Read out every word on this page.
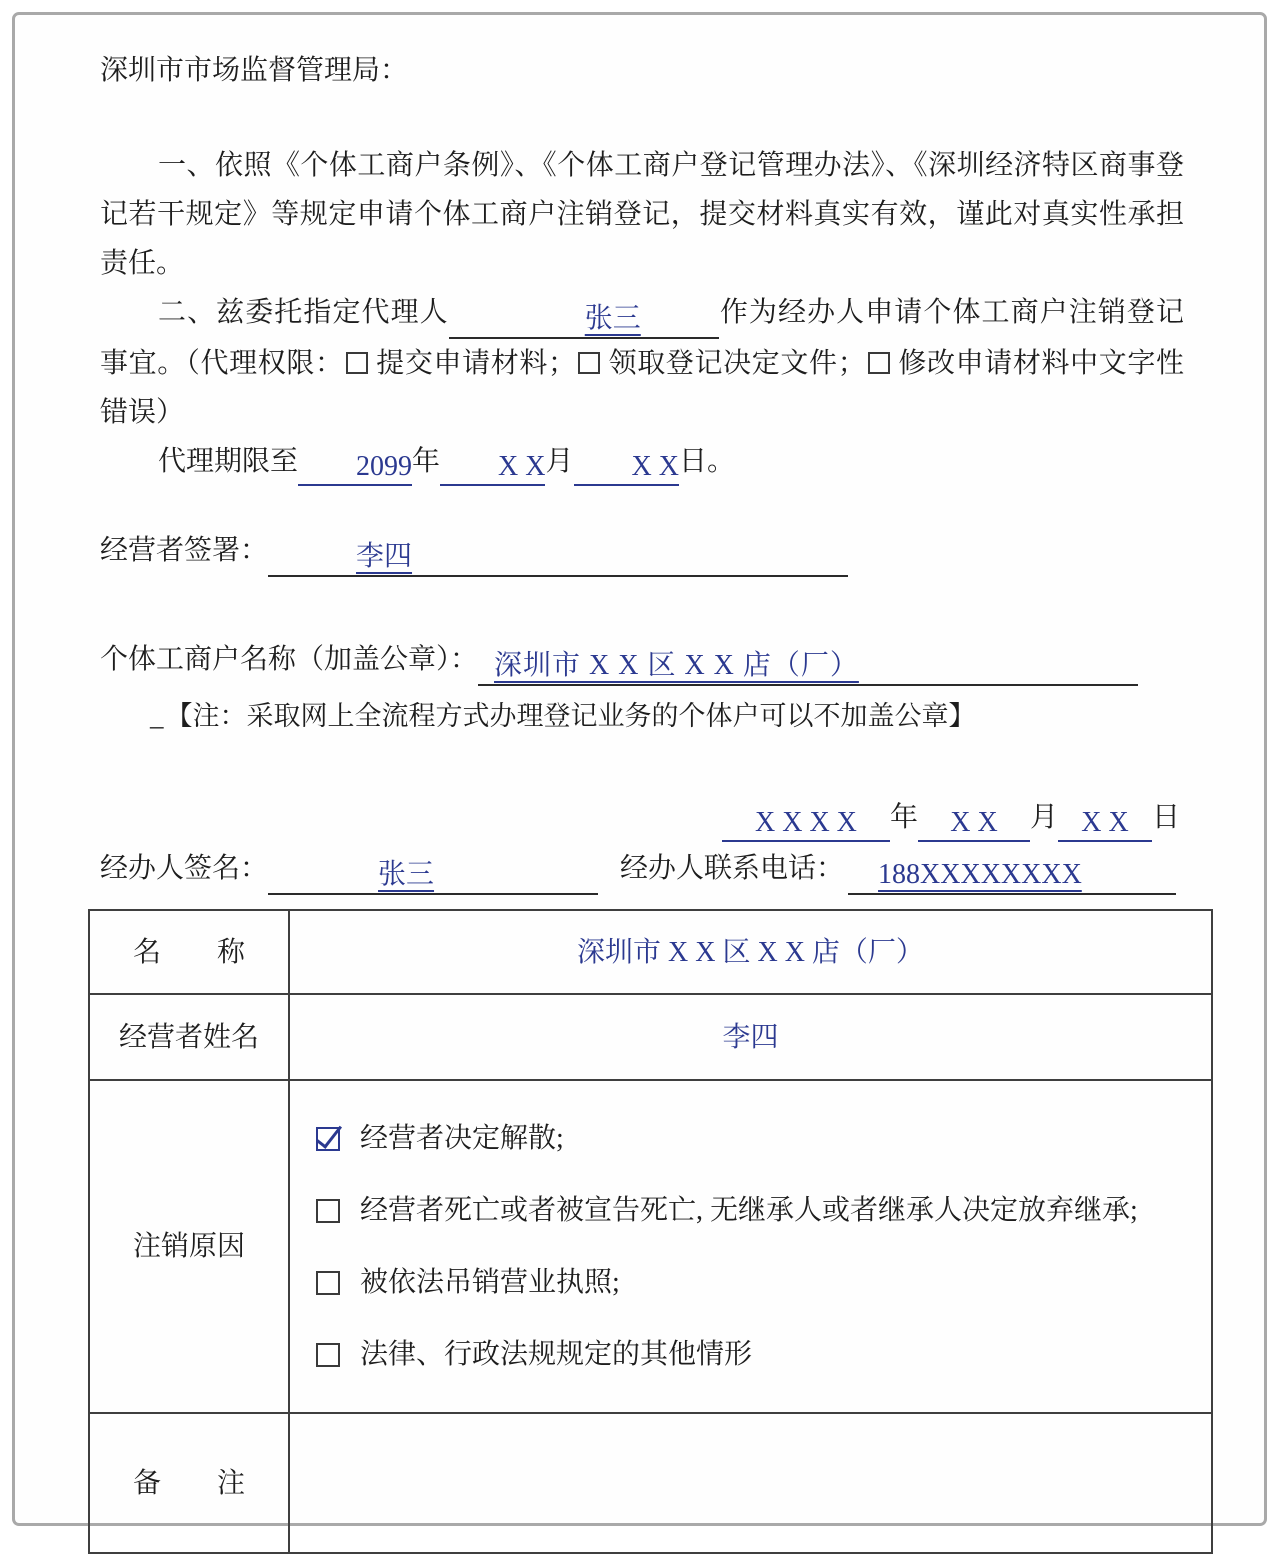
深圳市市场监督管理局：
一、依照《个体工商户条例》、《个体工商户登记管理办法》、《深圳经济特区商事登记若干规定》等规定申请个体工商户注销登记，提交材料真实有效，谨此对真实性承担责任。
二、兹委托指定代理人	张三	作为经办人申请个体工商户注销登记事宜。（代理权限： 提交申请材料； 领取登记决定文件； 修改申请材料中文字性错误）
代理期限至 2099年 X X月 X X日。
经营者签署：	李四
个体工商户名称（加盖公章）： 深圳市 X X 区 X X 店（厂）
_【注：采取网上全流程方式办理登记业务的个体户可以不加盖公章】
X X X X 年 X X 月 X X 日
经办人签名：	张三	经办人联系电话： 188XXXXXXXX
名        称	深圳市 X X 区 X X 店（厂）
经营者姓名	李四
注销原因	经营者决定解散;
经营者死亡或者被宣告死亡, 无继承人或者继承人决定放弃继承;
被依法吊销营业执照;
法律、行政法规规定的其他情形

备        注	
